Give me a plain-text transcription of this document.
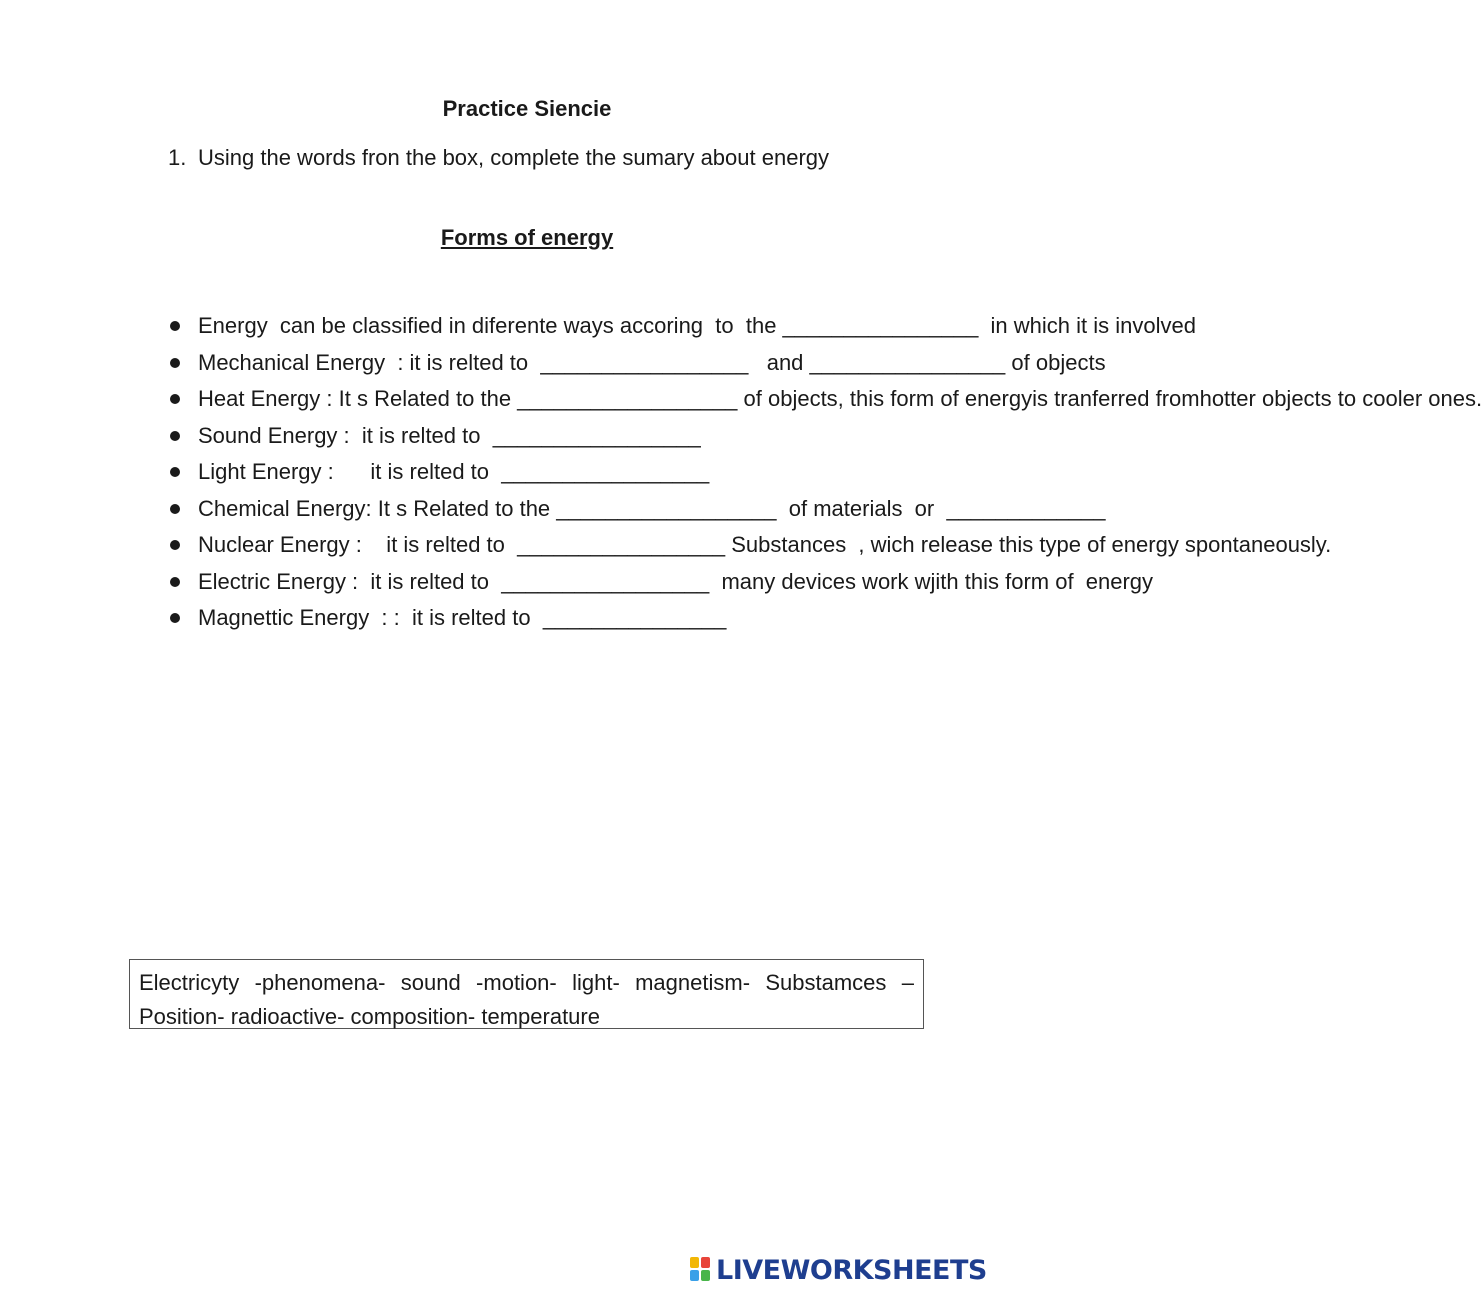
Practice Siencie
1. Using the words fron the box, complete the sumary about energy
Forms of energy
Energy  can be classified in diferente ways accoring  to  the ________________  in which it is involved
Mechanical Energy  : it is relted to  _________________   and ________________ of objects
Heat Energy : It s Related to the __________________ of objects, this form of energyis tranferred fromhotter objects to cooler ones.
Sound Energy :  it is relted to  _________________
Light Energy :      it is relted to  _________________
Chemical Energy: It s Related to the __________________  of materials  or  _____________
Nuclear Energy :    it is relted to  _________________ Substances  , wich release this type of energy spontaneously.
Electric Energy :  it is relted to  _________________  many devices work wjith this form of  energy
Magnettic Energy  : :  it is relted to  _______________
Electricyty -phenomena- sound -motion- light- magnetism- Substamces – Position- radioactive- composition- temperature
LIVEWORKSHEETS
